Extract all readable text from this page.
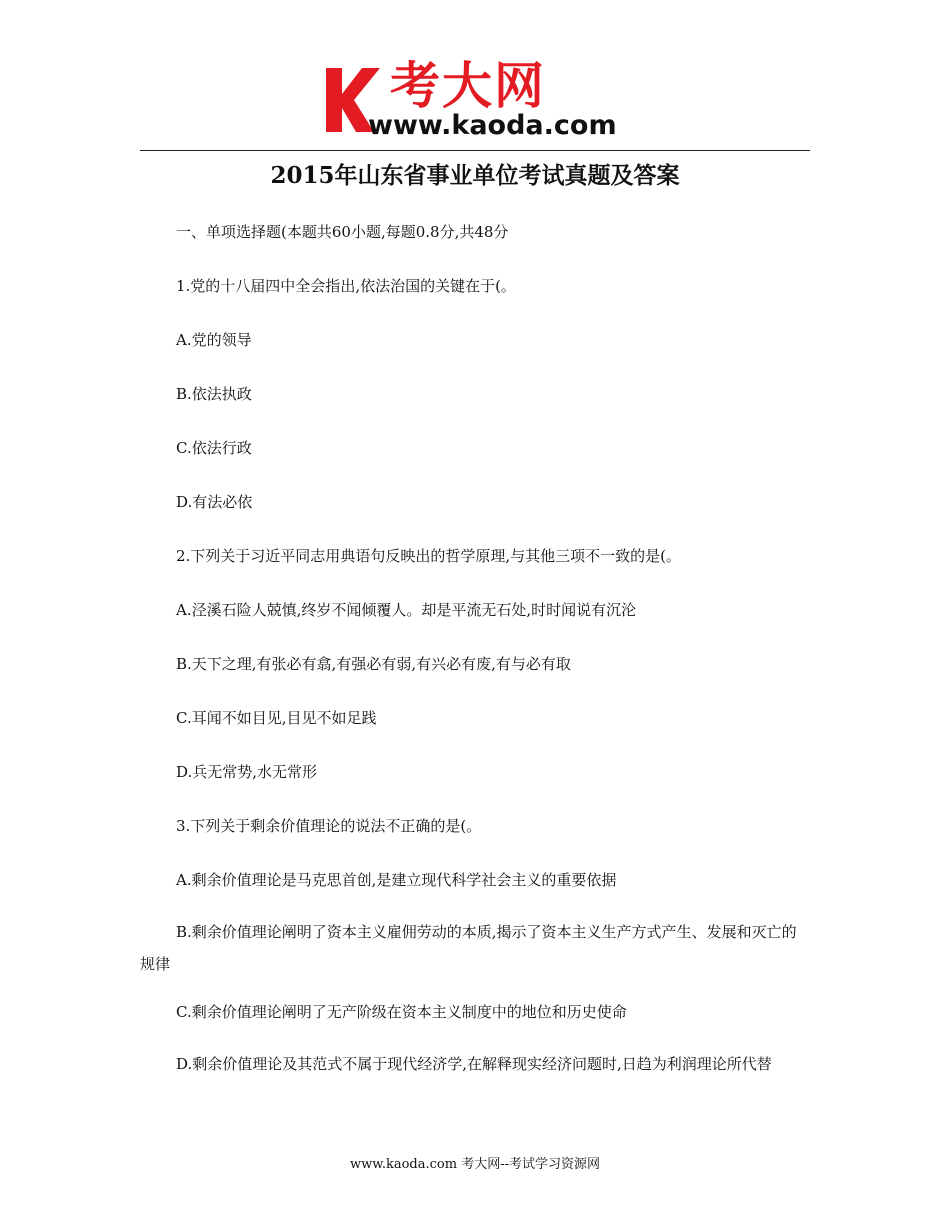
考大网
www.kaoda.com
2015年山东省事业单位考试真题及答案

一、单项选择题(本题共60小题,每题0.8分,共48分

1.党的十八届四中全会指出,依法治国的关键在于(。

A.党的领导

B.依法执政

C.依法行政

D.有法必依

2.下列关于习近平同志用典语句反映出的哲学原理,与其他三项不一致的是(。

A.泾溪石险人兢慎,终岁不闻倾覆人。却是平流无石处,时时闻说有沉沦

B.天下之理,有张必有翕,有强必有弱,有兴必有废,有与必有取

C.耳闻不如目见,目见不如足践

D.兵无常势,水无常形

3.下列关于剩余价值理论的说法不正确的是(。

A.剩余价值理论是马克思首创,是建立现代科学社会主义的重要依据

B.剩余价值理论阐明了资本主义雇佣劳动的本质,揭示了资本主义生产方式产生、发展和灭亡的规律

C.剩余价值理论阐明了无产阶级在资本主义制度中的地位和历史使命

D.剩余价值理论及其范式不属于现代经济学,在解释现实经济问题时,日趋为利润理论所代替

www.kaoda.com 考大网--考试学习资源网
